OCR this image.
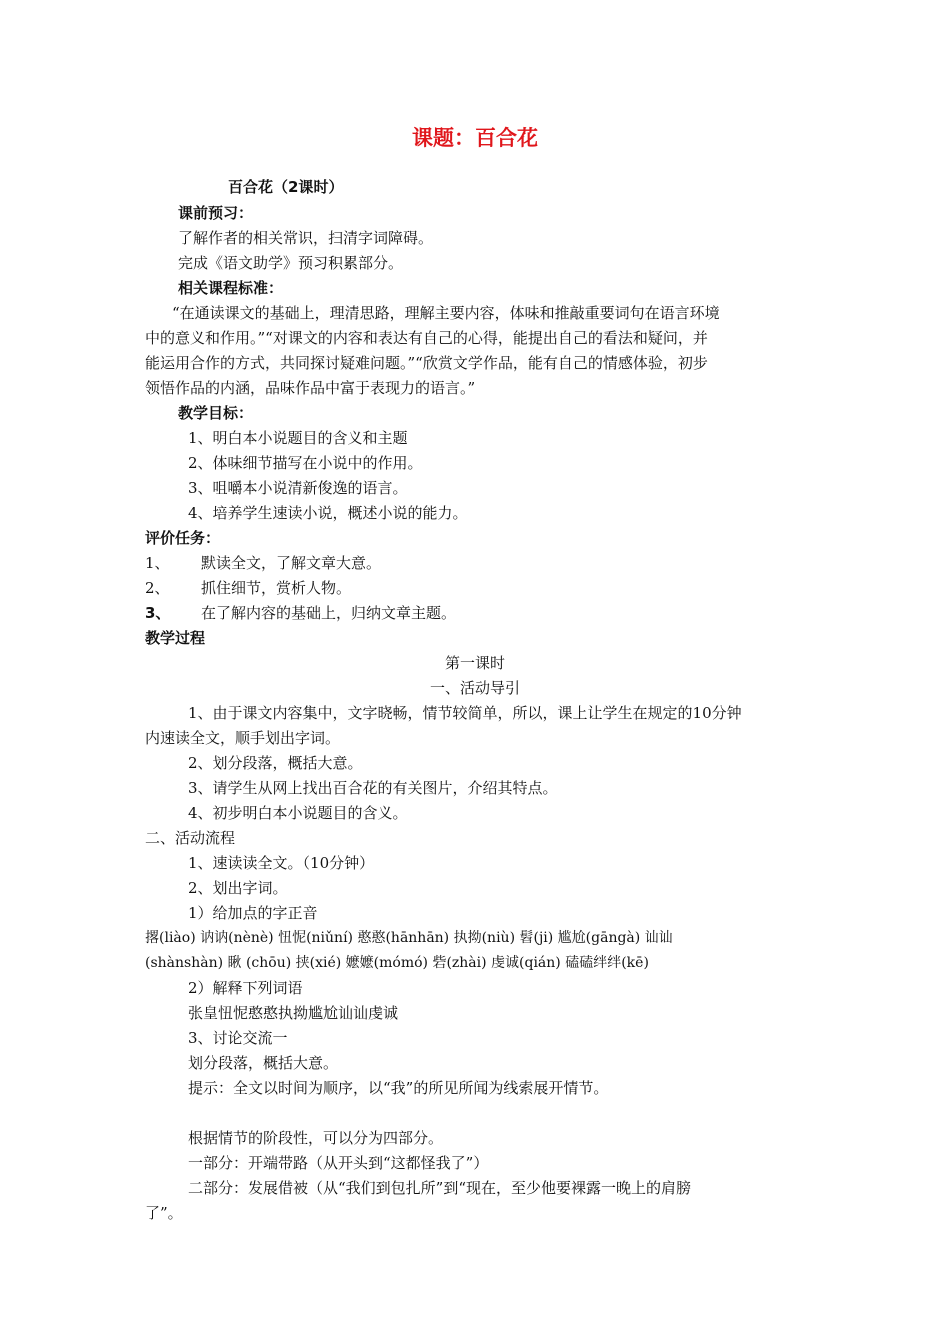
课题：百合花
百合花（2课时）
课前预习：
了解作者的相关常识，扫清字词障碍。
完成《语文助学》预习积累部分。
相关课程标准：
“在通读课文的基础上，理清思路，理解主要内容，体味和推敲重要词句在语言环境
中的意义和作用。”“对课文的内容和表达有自己的心得，能提出自己的看法和疑问，并
能运用合作的方式，共同探讨疑难问题。”“欣赏文学作品，能有自己的情感体验，初步
领悟作品的内涵，品味作品中富于表现力的语言。”
教学目标：
1、明白本小说题目的含义和主题
2、体味细节描写在小说中的作用。
3、咀嚼本小说清新俊逸的语言。
4、培养学生速读小说，概述小说的能力。
评价任务：
1、 默读全文，了解文章大意。
2、 抓住细节，赏析人物。
3、 在了解内容的基础上，归纳文章主题。
教学过程
第一课时
一、活动导引
1、由于课文内容集中，文字晓畅，情节较简单，所以，课上让学生在规定的10分钟
内速读全文，顺手划出字词。
2、划分段落，概括大意。
3、请学生从网上找出百合花的有关图片，介绍其特点。
4、初步明白本小说题目的含义。
二、活动流程
1、速读读全文。（10分钟）
2、划出字词。
1）给加点的字正音
撂(liào) 讷讷(nènè) 忸怩(niǔní) 憨憨(hānhān) 执拗(niù) 髫(ji) 尴尬(gāngà) 讪讪
(shànshàn) 瞅 (chōu) 挟(xié) 嬷嬷(mómó) 砦(zhài) 虔诚(qián) 磕磕绊绊(kē)
2）解释下列词语
张皇忸怩憨憨执拗尴尬讪讪虔诚
3、讨论交流一
划分段落，概括大意。
提示：全文以时间为顺序，以“我”的所见所闻为线索展开情节。
根据情节的阶段性，可以分为四部分。
一部分：开端带路（从开头到“这都怪我了”）
二部分：发展借被（从“我们到包扎所”到“现在，至少他要裸露一晚上的肩膀
了”。
